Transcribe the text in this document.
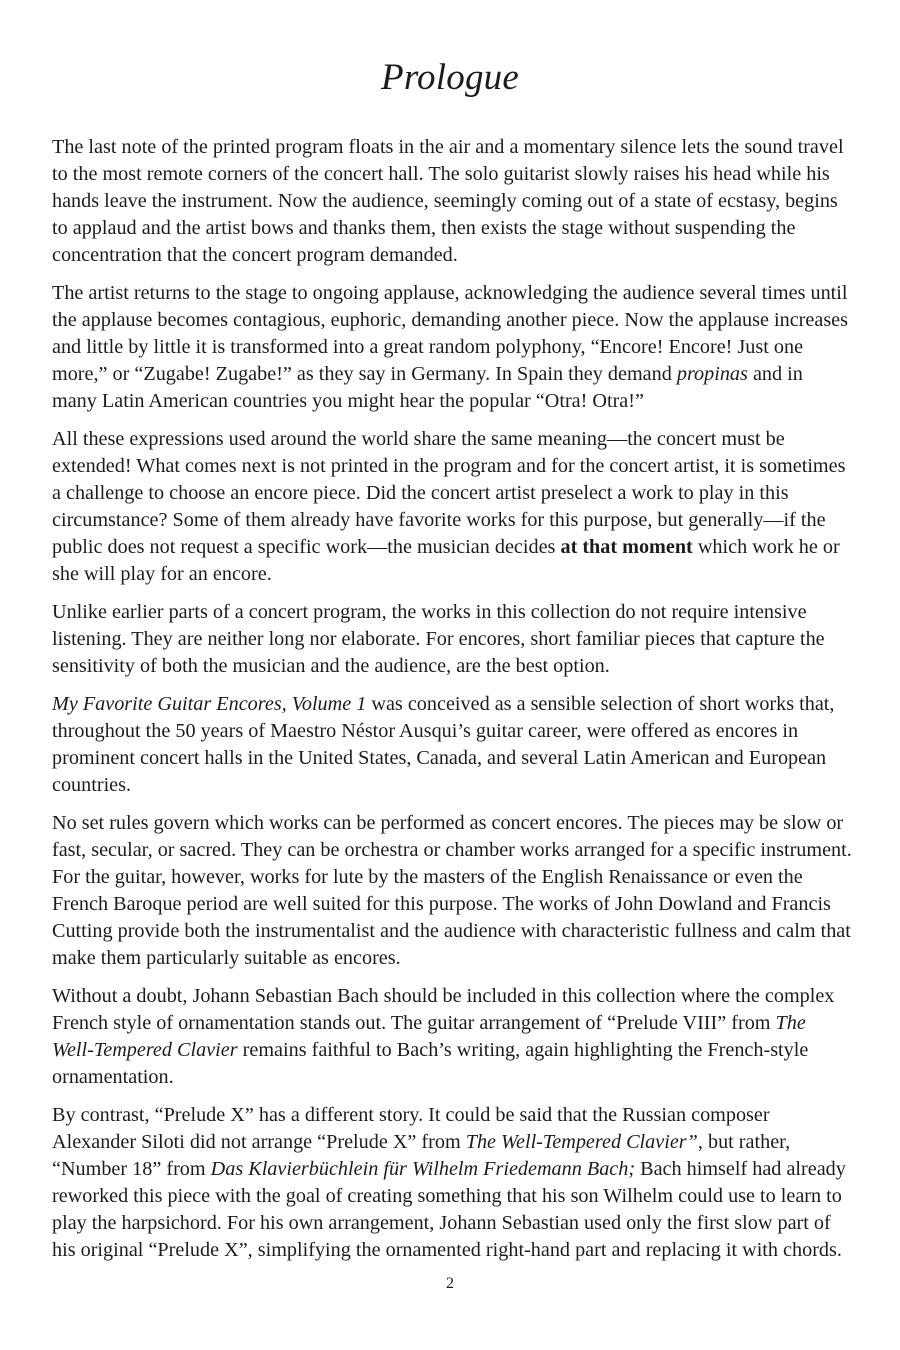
Prologue

The last note of the printed program floats in the air and a momentary silence lets the sound travel to the most remote corners of the concert hall. The solo guitarist slowly raises his head while his hands leave the instrument. Now the audience, seemingly coming out of a state of ecstasy, begins to applaud and the artist bows and thanks them, then exists the stage without suspending the concentration that the concert program demanded.

The artist returns to the stage to ongoing applause, acknowledging the audience several times until the applause becomes contagious, euphoric, demanding another piece. Now the applause increases and little by little it is transformed into a great random polyphony, “Encore! Encore! Just one more,” or “Zugabe! Zugabe!” as they say in Germany. In Spain they demand propinas and in many Latin American countries you might hear the popular “Otra! Otra!”

All these expressions used around the world share the same meaning—the concert must be extended! What comes next is not printed in the program and for the concert artist, it is sometimes a challenge to choose an encore piece. Did the concert artist preselect a work to play in this circumstance? Some of them already have favorite works for this purpose, but generally—if the public does not request a specific work—the musician decides at that moment which work he or she will play for an encore.

Unlike earlier parts of a concert program, the works in this collection do not require intensive listening. They are neither long nor elaborate. For encores, short familiar pieces that capture the sensitivity of both the musician and the audience, are the best option.

My Favorite Guitar Encores, Volume 1 was conceived as a sensible selection of short works that, throughout the 50 years of Maestro Néstor Ausqui’s guitar career, were offered as encores in prominent concert halls in the United States, Canada, and several Latin American and European countries.

No set rules govern which works can be performed as concert encores. The pieces may be slow or fast, secular, or sacred. They can be orchestra or chamber works arranged for a specific instrument. For the guitar, however, works for lute by the masters of the English Renaissance or even the French Baroque period are well suited for this purpose. The works of John Dowland and Francis Cutting provide both the instrumentalist and the audience with characteristic fullness and calm that make them particularly suitable as encores.

Without a doubt, Johann Sebastian Bach should be included in this collection where the complex French style of ornamentation stands out. The guitar arrangement of “Prelude VIII” from The Well-Tempered Clavier remains faithful to Bach’s writing, again highlighting the French-style ornamentation.

By contrast, “Prelude X” has a different story. It could be said that the Russian composer Alexander Siloti did not arrange “Prelude X” from The Well-Tempered Clavier”, but rather, “Number 18” from Das Klavierbüchlein für Wilhelm Friedemann Bach; Bach himself had already reworked this piece with the goal of creating something that his son Wilhelm could use to learn to play the harpsichord. For his own arrangement, Johann Sebastian used only the first slow part of his original “Prelude X”, simplifying the ornamented right-hand part and replacing it with chords.

2
